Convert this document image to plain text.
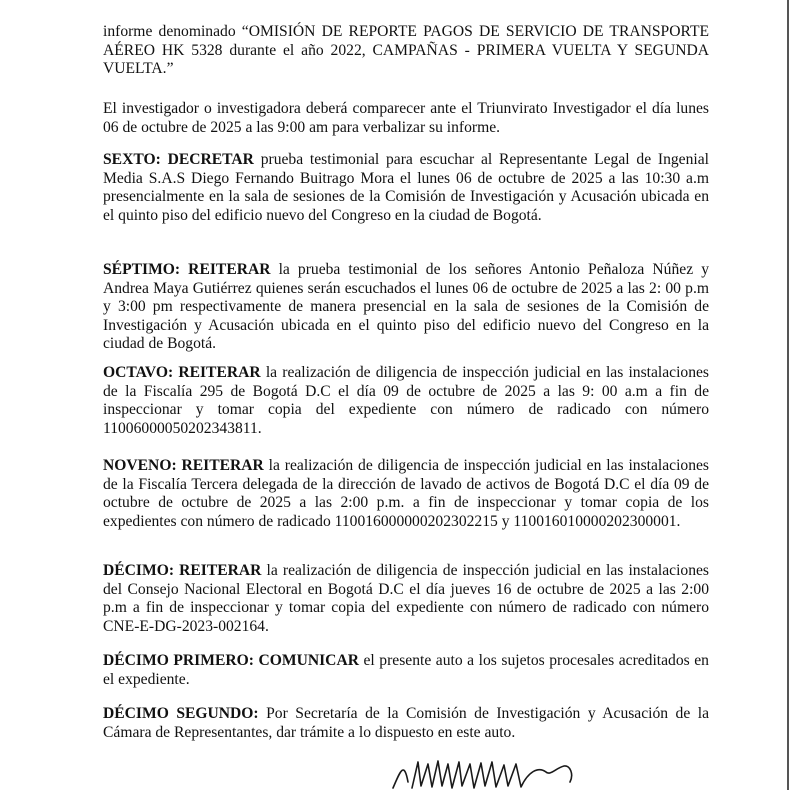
informe denominado “OMISIÓN DE REPORTE PAGOS DE SERVICIO DE TRANSPORTE AÉREO HK 5328 durante el año 2022, CAMPAÑAS - PRIMERA VUELTA Y SEGUNDA VUELTA.”

El investigador o investigadora deberá comparecer ante el Triunvirato Investigador el día lunes 06 de octubre de 2025 a las 9:00 am para verbalizar su informe.

SEXTO: DECRETAR prueba testimonial para escuchar al Representante Legal de Ingenial Media S.A.S Diego Fernando Buitrago Mora el lunes 06 de octubre de 2025 a las 10:30 a.m presencialmente en la sala de sesiones de la Comisión de Investigación y Acusación ubicada en el quinto piso del edificio nuevo del Congreso en la ciudad de Bogotá.

SÉPTIMO: REITERAR la prueba testimonial de los señores Antonio Peñaloza Núñez y Andrea Maya Gutiérrez quienes serán escuchados el lunes 06 de octubre de 2025 a las 2: 00 p.m y 3:00 pm respectivamente de manera presencial en la sala de sesiones de la Comisión de Investigación y Acusación ubicada en el quinto piso del edificio nuevo del Congreso en la ciudad de Bogotá.

OCTAVO: REITERAR la realización de diligencia de inspección judicial en las instalaciones de la Fiscalía 295 de Bogotá D.C el día 09 de octubre de 2025 a las 9: 00 a.m a fin de inspeccionar y tomar copia del expediente con número de radicado con número 11006000050202343811.

NOVENO: REITERAR la realización de diligencia de inspección judicial en las instalaciones de la Fiscalía Tercera delegada de la dirección de lavado de activos de Bogotá D.C el día 09 de octubre de octubre de 2025 a las 2:00 p.m. a fin de inspeccionar y tomar copia de los expedientes con número de radicado 110016000000202302215 y 110016010000202300001.

DÉCIMO: REITERAR la realización de diligencia de inspección judicial en las instalaciones del Consejo Nacional Electoral en Bogotá D.C el día jueves 16 de octubre de 2025 a las 2:00 p.m a fin de inspeccionar y tomar copia del expediente con número de radicado con número CNE-E-DG-2023-002164.

DÉCIMO PRIMERO: COMUNICAR el presente auto a los sujetos procesales acreditados en el expediente.

DÉCIMO SEGUNDO: Por Secretaría de la Comisión de Investigación y Acusación de la Cámara de Representantes, dar trámite a lo dispuesto en este auto.
